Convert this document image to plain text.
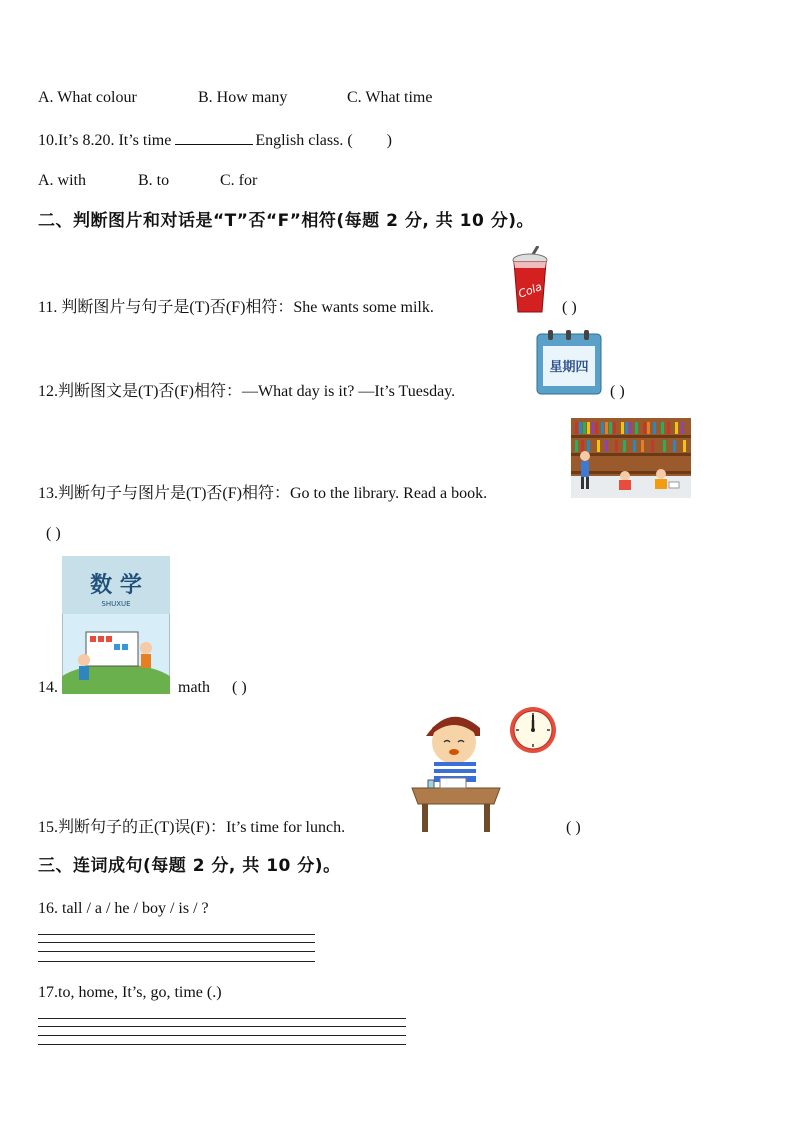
A. What colour	B. How many	C. What time
10.It’s 8.20. It’s time	English class. ( )
A. with	B. to	C. for
二、判断图片和对话是“T”否“F”相符(每题 2 分, 共 10 分)。
11. 判断图片与句子是(T)否(F)相符：She wants some milk.	( )
Cola
12.判断图文是(T)否(F)相符：—What day is it? —It’s Tuesday.	( )
星期四
13.判断句子与图片是(T)否(F)相符：Go to the library. Read a book.
( )
数 学
SHUXUE
14.	math ( )
15.判断句子的正(T)误(F)：It’s time for lunch.	( )
三、连词成句(每题 2 分, 共 10 分)。
16. tall / a / he / boy / is / ?
17.to, home, It’s, go, time (.)
